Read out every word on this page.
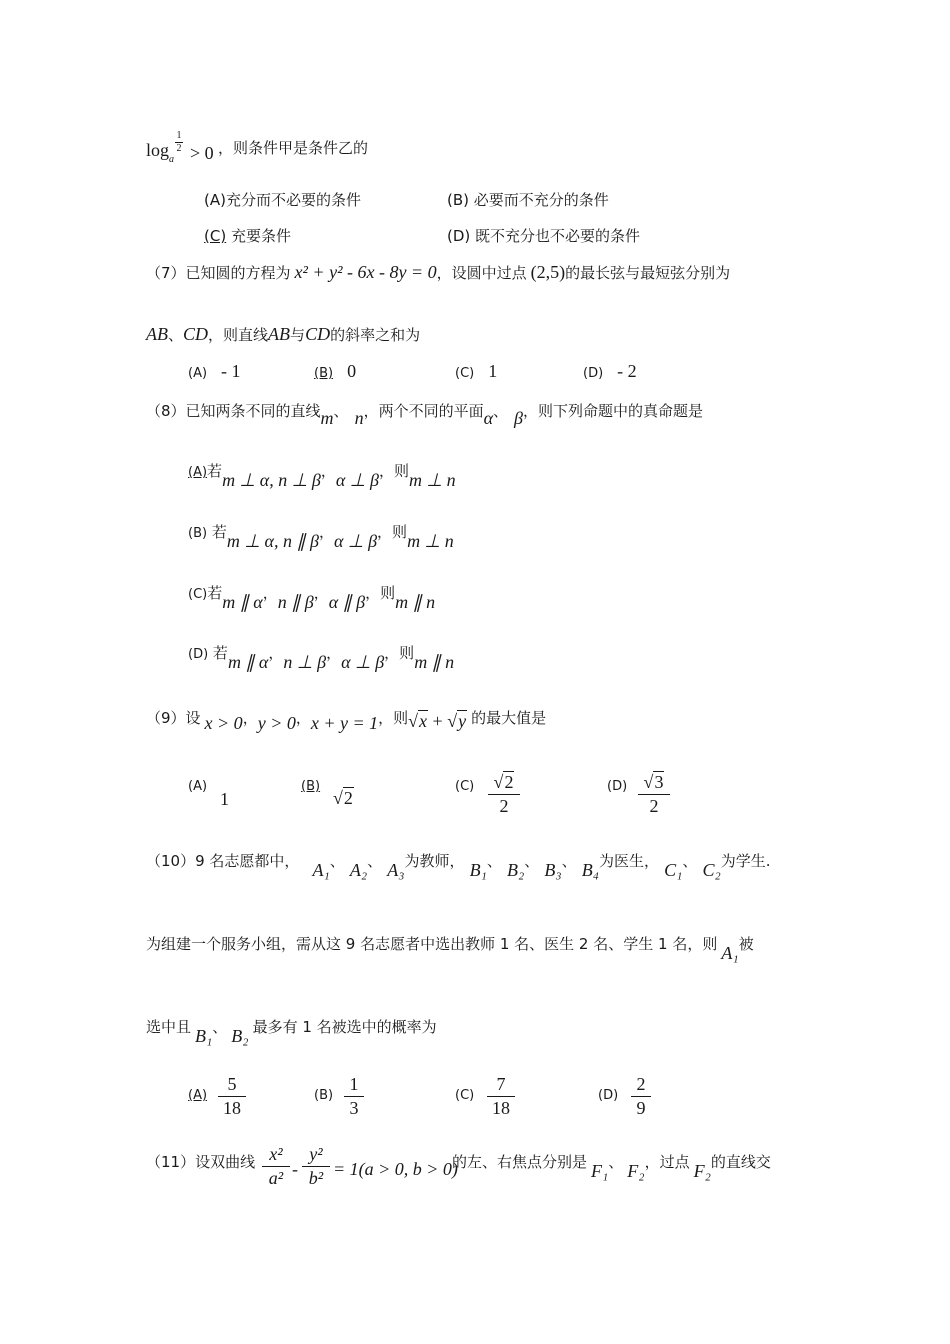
$\log_a$
1
2 > 0 ，则条件甲是条件乙的
(A)充分而不必要的条件	(B) 必要而不充分的条件
(C) 充要条件	(D) 既不充分也不必要的条件
（7）已知圆的方程为 x² + y² - 6x - 8y = 0，设圆中过点 (2,5)的最长弦与最短弦分别为
AB、CD，则直线AB与CD的斜率之和为
(A) - 1	(B) 0	(C) 1	(D) - 2
（8）已知两条不同的直线m、 n，两个不同的平面α、 β，则下列命题中的真命题是
(A)若m ⊥ α, n ⊥ β，α ⊥ β，则m ⊥ n
(B) 若m ⊥ α, n ∥ β，α ⊥ β，则m ⊥ n
(C)若m ∥ α，n ∥ β，α ∥ β，则m ∥ n
(D) 若m ∥ α，n ⊥ β，α ⊥ β，则m ∥ n
（9）设 x > 0，y > 0，x + y = 1，则√x + √y 的最大值是
(A)
1
(B)
√2
(C)	√2
2
(D) √3
2
（10）9 名志愿都中， A₁、 A₂、 A₃为教师， B₁、 B₂、 B₃、 B₄为医生， C₁、 C₂为学生.
为组建一个服务小组，需从这 9 名志愿者中选出教师 1 名、医生 2 名、学生 1 名，则 A₁被
选中且 B₁、 B₂ 最多有 1 名被选中的概率为
(A)
5
18
(B)
1
3
(C)
7
18
(D)
2
9
（11）设双曲线 x²
a² -
y²
b² = 1(a > 0, b > 0)
的左、右焦点分别是 F₁、 F₂，过点 F₂的直线交
